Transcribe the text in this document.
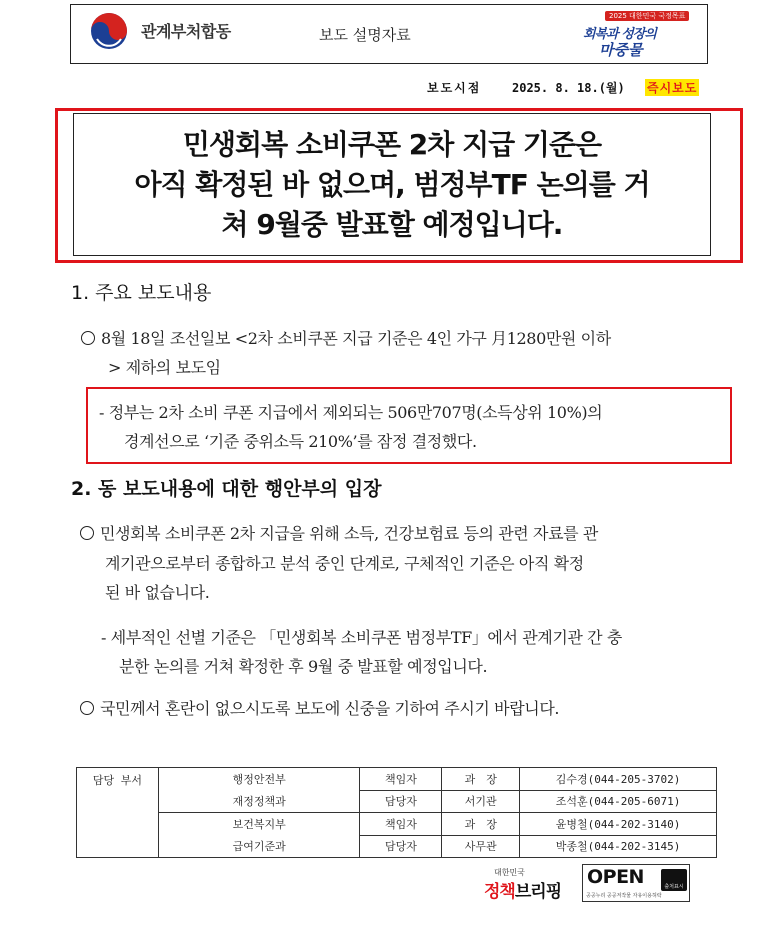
관계부처합동	보도 설명자료
2025 대한민국 국정목표
회복과 성장의
마중물
보도시점	2025. 8. 18.(월) 즉시보도
민생회복 소비쿠폰 2차 지급 기준은
아직 확정된 바 없으며, 범정부TF 논의를 거
쳐 9월중 발표할 예정입니다.
1. 주요 보도내용
8월 18일 조선일보 <2차 소비쿠폰 지급 기준은 4인 가구 月1280만원 이하
> 제하의 보도임
- 정부는 2차 소비 쿠폰 지급에서 제외되는 506만707명(소득상위 10%)의
경계선으로 ‘기준 중위소득 210%’를 잠정 결정했다.
2. 동 보도내용에 대한 행안부의 입장
민생회복 소비쿠폰 2차 지급을 위해 소득, 건강보험료 등의 관련 자료를 관
계기관으로부터 종합하고 분석 중인 단계로, 구체적인 기준은 아직 확정
된 바 없습니다.
- 세부적인 선별 기준은 「민생회복 소비쿠폰 범정부TF」에서 관계기관 간 충
분한 논의를 거쳐 확정한 후 9월 중 발표할 예정입니다.
국민께서 혼란이 없으시도록 보도에 신중을 기하여 주시기 바랍니다.
담당 부서	행정안전부	책임자	과　장	김수경(044-205-3702)
	재정정책과	담당자	서기관	조석훈(044-205-6071)
	보건복지부	책임자	과　장	윤병철(044-202-3140)
	급여기준과	담당자	사무관	박종철(044-202-3145)
대한민국
정책브리핑
OPEN
공공누리 공공저작물 자유이용허락
출처표시
